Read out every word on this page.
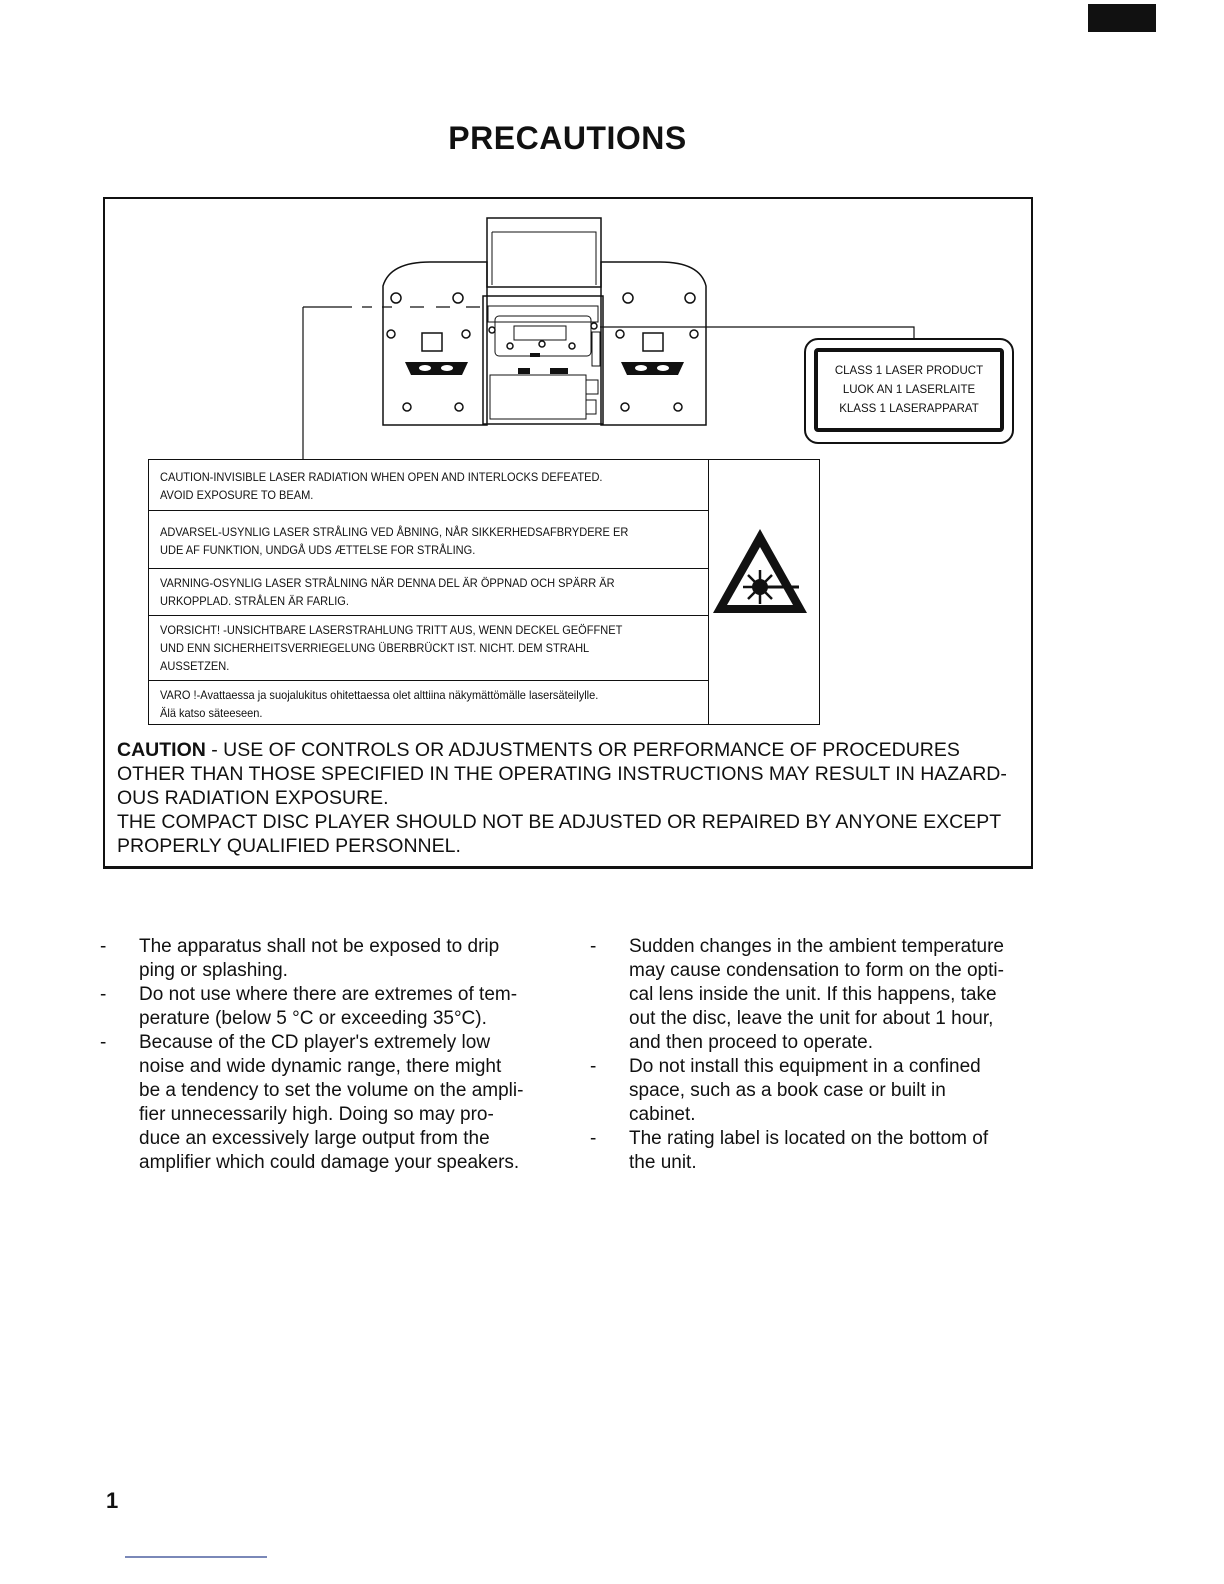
PRECAUTIONS
CLASS 1 LASER PRODUCT
LUOK AN 1 LASERLAITE
KLASS 1 LASERAPPARAT
CAUTION-INVISIBLE LASER RADIATION WHEN OPEN AND INTERLOCKS DEFEATED.
AVOID EXPOSURE TO BEAM.
ADVARSEL-USYNLIG LASER STRÅLING VED ÅBNING, NÅR SIKKERHEDSAFBRYDERE ER
UDE AF FUNKTION, UNDGÅ UDS ÆTTELSE FOR STRÅLING.
VARNING-OSYNLIG LASER STRÅLNING NÄR DENNA DEL ÄR ÖPPNAD OCH SPÄRR ÄR
URKOPPLAD. STRÅLEN ÄR FARLIG.
VORSICHT! -UNSICHTBARE LASERSTRAHLUNG TRITT AUS, WENN DECKEL GEÖFFNET
UND ENN SICHERHEITSVERRIEGELUNG ÜBERBRÜCKT IST. NICHT. DEM STRAHL
AUSSETZEN.
VARO !-Avattaessa ja suojalukitus ohitettaessa olet alttiina näkymättömälle lasersäteilylle.
Älä katso säteeseen.
CAUTION - USE OF CONTROLS OR ADJUSTMENTS OR PERFORMANCE OF PROCEDURES
OTHER THAN THOSE SPECIFIED IN THE OPERATING INSTRUCTIONS MAY RESULT IN HAZARD-
OUS RADIATION EXPOSURE.
THE COMPACT DISC PLAYER SHOULD NOT BE ADJUSTED OR REPAIRED BY ANYONE EXCEPT
PROPERLY QUALIFIED PERSONNEL.
- The apparatus shall not be exposed to drip
ping or splashing.
- Do not use where there are extremes of tem-
perature (below 5 °C or exceeding 35°C).
- Because of the CD player's extremely low
noise and wide dynamic range, there might
be a tendency to set the volume on the ampli-
fier unnecessarily high. Doing so may pro-
duce an excessively large output from the
amplifier which could damage your speakers.
- Sudden changes in the ambient temperature
may cause condensation to form on the opti-
cal lens inside the unit. If this happens, take
out the disc, leave the unit for about 1 hour,
and then proceed to operate.
- Do not install this equipment in a confined
space, such as a book case or built in
cabinet.
- The rating label is located on the bottom of
the unit.
1
